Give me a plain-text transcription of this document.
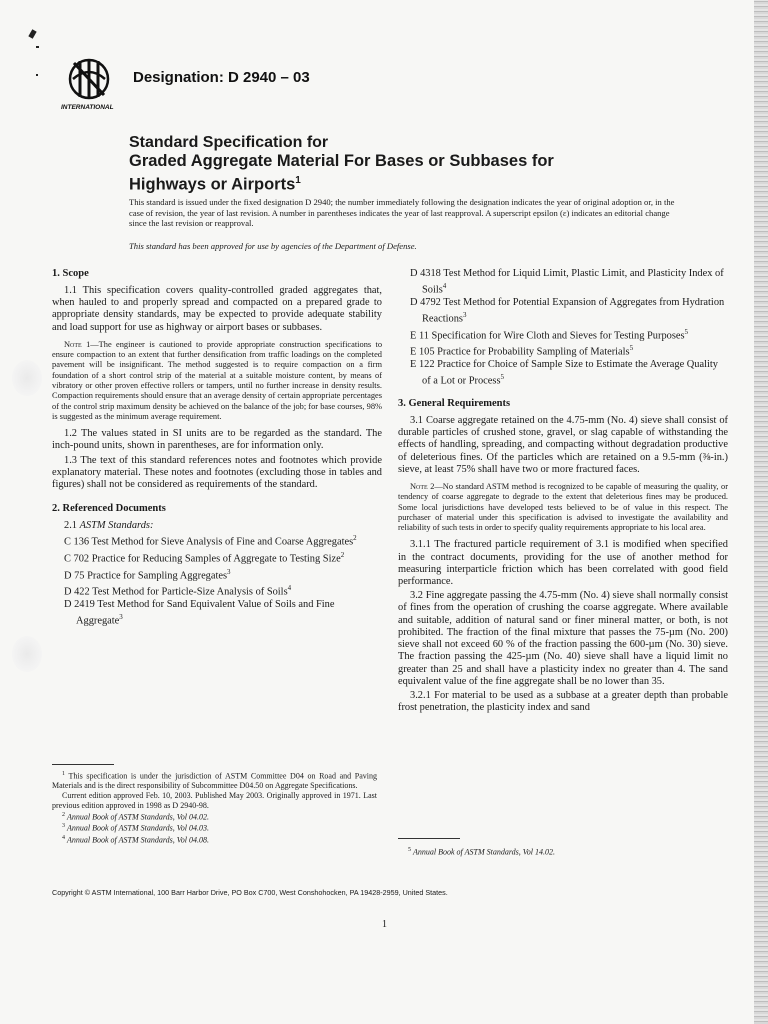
INTERNATIONAL
Designation: D 2940 – 03
Standard Specification for
Graded Aggregate Material For Bases or Subbases for
Highways or Airports$^1$
This standard is issued under the fixed designation D 2940; the number immediately following the designation indicates the year of original adoption or, in the case of revision, the year of last revision. A number in parentheses indicates the year of last reapproval. A superscript epsilon (ε) indicates an editorial change since the last revision or reapproval.
This standard has been approved for use by agencies of the Department of Defense.
1. Scope

1.1 This specification covers quality-controlled graded aggregates that, when hauled to and properly spread and compacted on a prepared grade to appropriate density standards, may be expected to provide adequate stability and load support for use as highway or airport bases or subbases.

Note 1—The engineer is cautioned to provide appropriate construction specifications to ensure compaction to an extent that further densification from traffic loadings on the completed pavement will be insignificant. The method suggested is to require compaction on a firm foundation of a short control strip of the material at a suitable moisture content, by means of vibratory or other proven effective rollers or tampers, until no further increase in density results. Compaction requirements should ensure that an average density of certain appropriate percentages of the control strip maximum density be achieved on the balance of the job; for base courses, 98% is suggested as the minimum average requirement.

1.2 The values stated in SI units are to be regarded as the standard. The inch-pound units, shown in parentheses, are for information only.

1.3 The text of this standard references notes and footnotes which provide explanatory material. These notes and footnotes (excluding those in tables and figures) shall not be considered as requirements of the standard.

2. Referenced Documents

2.1 ASTM Standards:

C 136 Test Method for Sieve Analysis of Fine and Coarse Aggregates$^2$

C 702 Practice for Reducing Samples of Aggregate to Testing Size$^2$

D 75 Practice for Sampling Aggregates$^3$

D 422 Test Method for Particle-Size Analysis of Soils$^4$

D 2419 Test Method for Sand Equivalent Value of Soils and Fine Aggregate$^3$

D 4318 Test Method for Liquid Limit, Plastic Limit, and Plasticity Index of Soils$^4$

D 4792 Test Method for Potential Expansion of Aggregates from Hydration Reactions$^3$

E 11 Specification for Wire Cloth and Sieves for Testing Purposes$^5$

E 105 Practice for Probability Sampling of Materials$^5$

E 122 Practice for Choice of Sample Size to Estimate the Average Quality of a Lot or Process$^5$

3. General Requirements

3.1 Coarse aggregate retained on the 4.75-mm (No. 4) sieve shall consist of durable particles of crushed stone, gravel, or slag capable of withstanding the effects of handling, spreading, and compacting without degradation productive of deleterious fines. Of the particles which are retained on a 9.5-mm (⅜-in.) sieve, at least 75% shall have two or more fractured faces.

Note 2—No standard ASTM method is recognized to be capable of measuring the quality, or tendency of coarse aggregate to degrade to the extent that deleterious fines may be produced. Some local jurisdictions have developed tests believed to be of value in this respect. The purchaser of material under this specification is advised to investigate the availability and reliability of such tests in order to specify quality requirements appropriate to his local area.

3.1.1 The fractured particle requirement of 3.1 is modified when specified in the contract documents, providing for the use of another method for measuring interparticle friction which has been correlated with good field performance.

3.2 Fine aggregate passing the 4.75-mm (No. 4) sieve shall normally consist of fines from the operation of crushing the coarse aggregate. Where available and suitable, addition of natural sand or finer mineral matter, or both, is not prohibited. The fraction of the final mixture that passes the 75-µm (No. 200) sieve shall not exceed 60 % of the fraction passing the 600-µm (No. 30) sieve. The fraction passing the 425-µm (No. 40) sieve shall have a liquid limit no greater than 25 and shall have a plasticity index no greater than 4. The sand equivalent value of the fine aggregate shall be no lower than 35.

3.2.1 For material to be used as a subbase at a greater depth than probable frost penetration, the plasticity index and sand

$^1$ This specification is under the jurisdiction of ASTM Committee D04 on Road and Paving Materials and is the direct responsibility of Subcommittee D04.50 on Aggregate Specifications.
Current edition approved Feb. 10, 2003. Published May 2003. Originally approved in 1971. Last previous edition approved in 1998 as D 2940-98.
$^2$ Annual Book of ASTM Standards, Vol 04.02.
$^3$ Annual Book of ASTM Standards, Vol 04.03.
$^4$ Annual Book of ASTM Standards, Vol 04.08.
$^5$ Annual Book of ASTM Standards, Vol 14.02.
Copyright © ASTM International, 100 Barr Harbor Drive, PO Box C700, West Conshohocken, PA 19428-2959, United States.
1
